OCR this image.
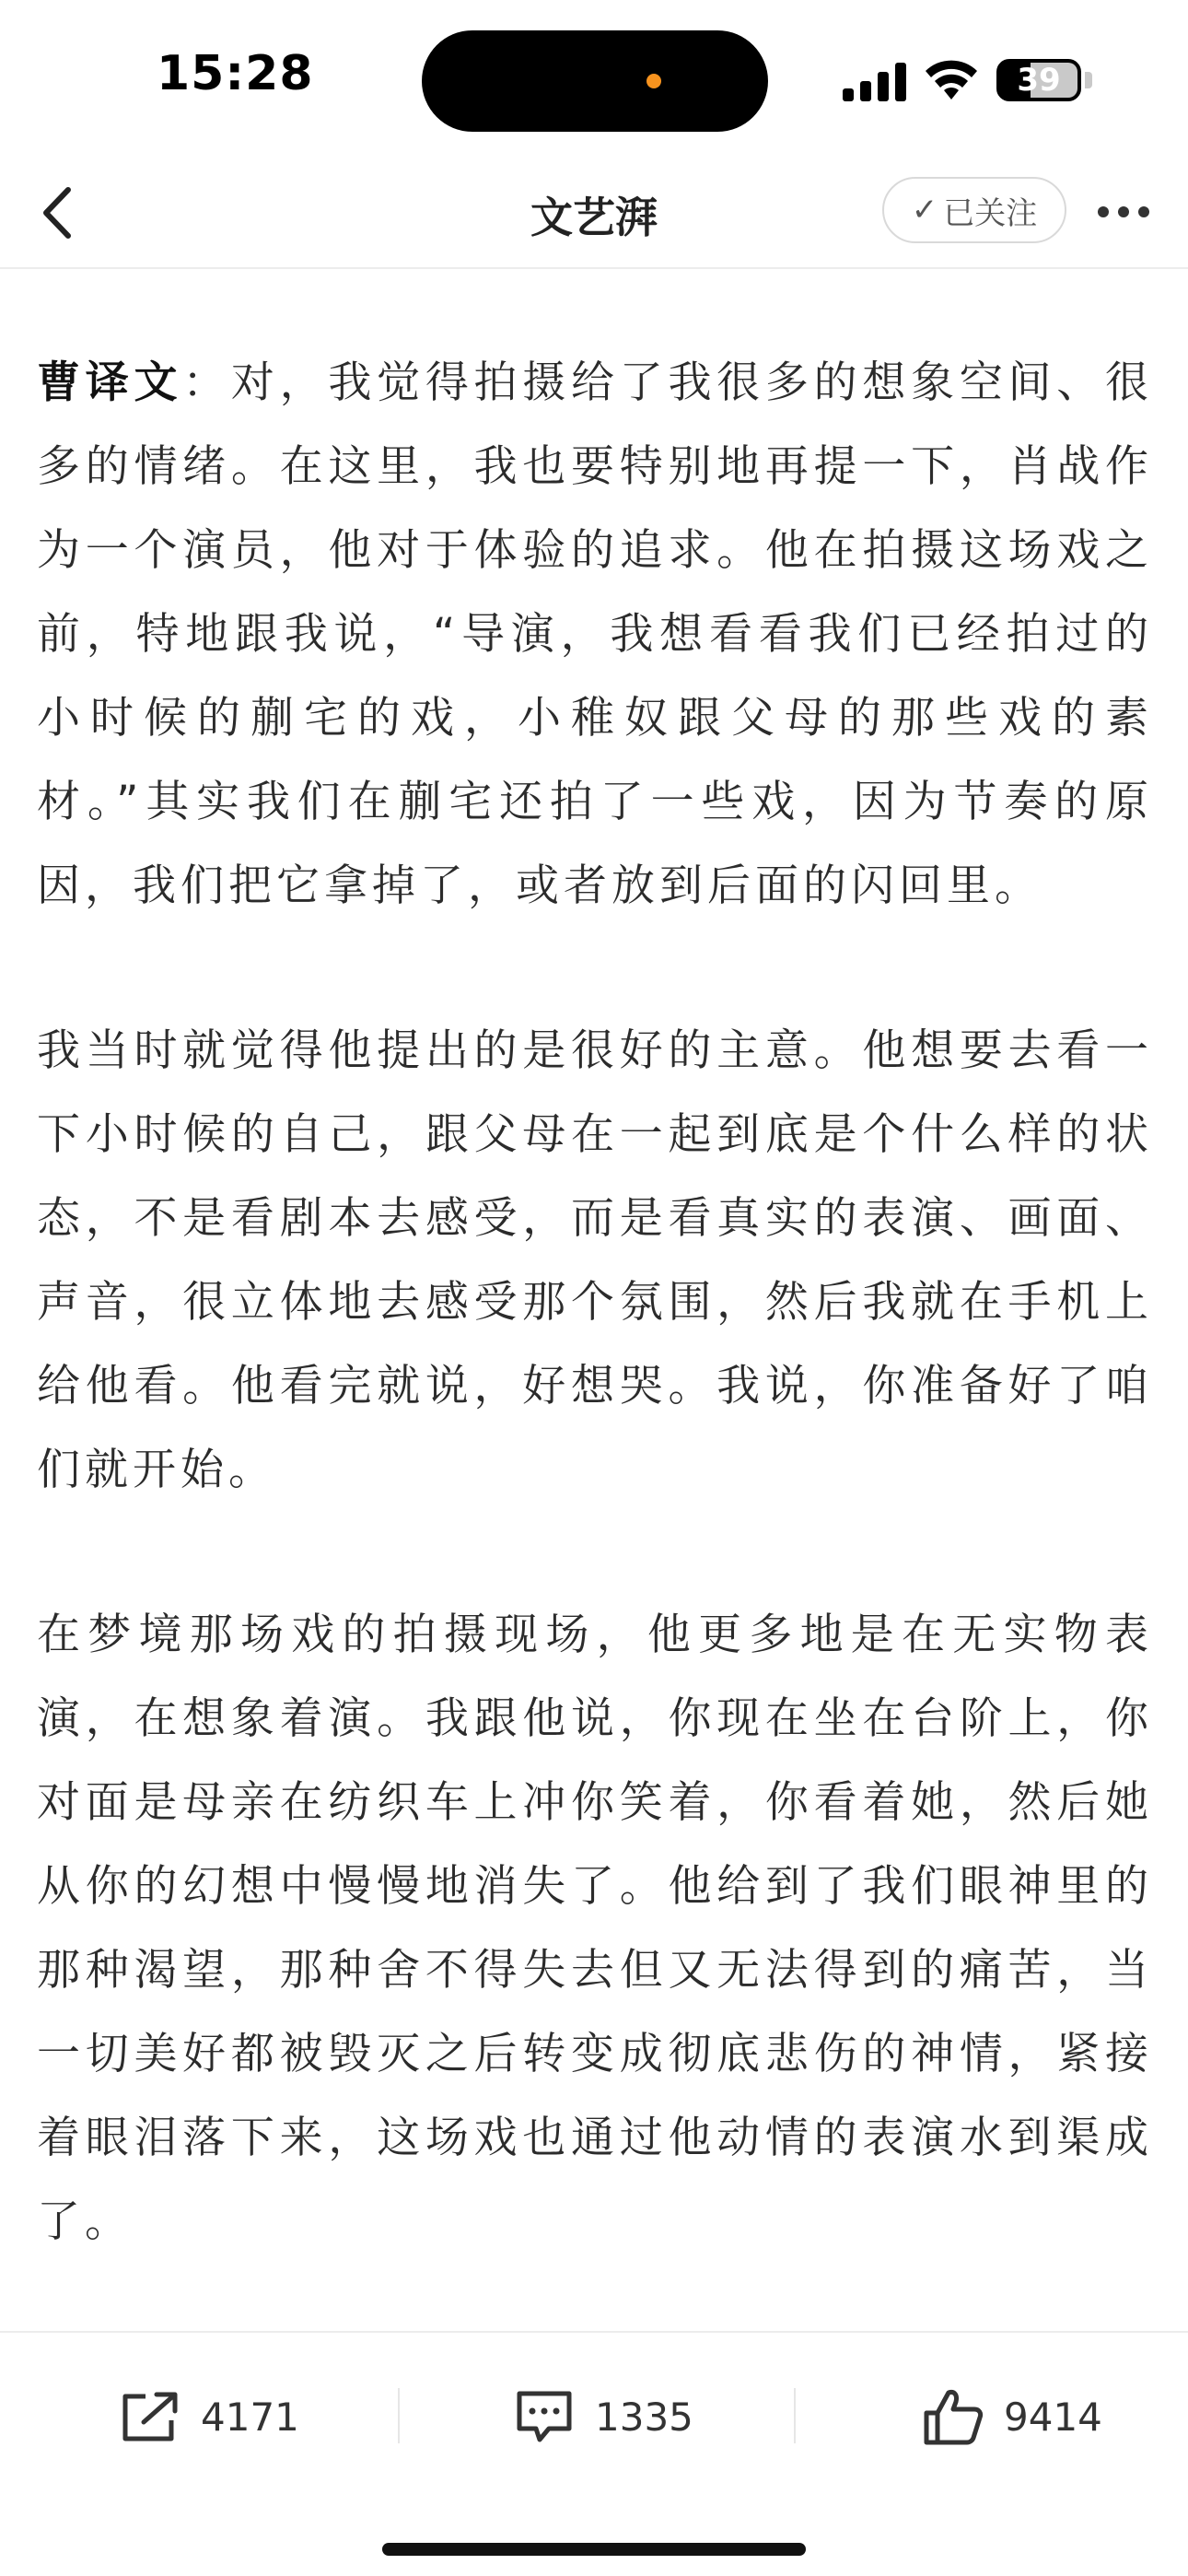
15:28	39
文艺湃	✓ 已关注

曹译文：对，我觉得拍摄给了我很多的想象空间、很多的情绪。在这里，我也要特别地再提一下，肖战作为一个演员，他对于体验的追求。他在拍摄这场戏之前，特地跟我说，“导演，我想看看我们已经拍过的小时候的蒯宅的戏，小稚奴跟父母的那些戏的素材。”其实我们在蒯宅还拍了一些戏，因为节奏的原因，我们把它拿掉了，或者放到后面的闪回里。

我当时就觉得他提出的是很好的主意。他想要去看一下小时候的自己，跟父母在一起到底是个什么样的状态，不是看剧本去感受，而是看真实的表演、画面、声音，很立体地去感受那个氛围，然后我就在手机上给他看。他看完就说，好想哭。我说，你准备好了咱们就开始。

在梦境那场戏的拍摄现场，他更多地是在无实物表演，在想象着演。我跟他说，你现在坐在台阶上，你对面是母亲在纺织车上冲你笑着，你看着她，然后她从你的幻想中慢慢地消失了。他给到了我们眼神里的那种渴望，那种舍不得失去但又无法得到的痛苦，当一切美好都被毁灭之后转变成彻底悲伤的神情，紧接着眼泪落下来，这场戏也通过他动情的表演水到渠成了。

4171	1335	9414
